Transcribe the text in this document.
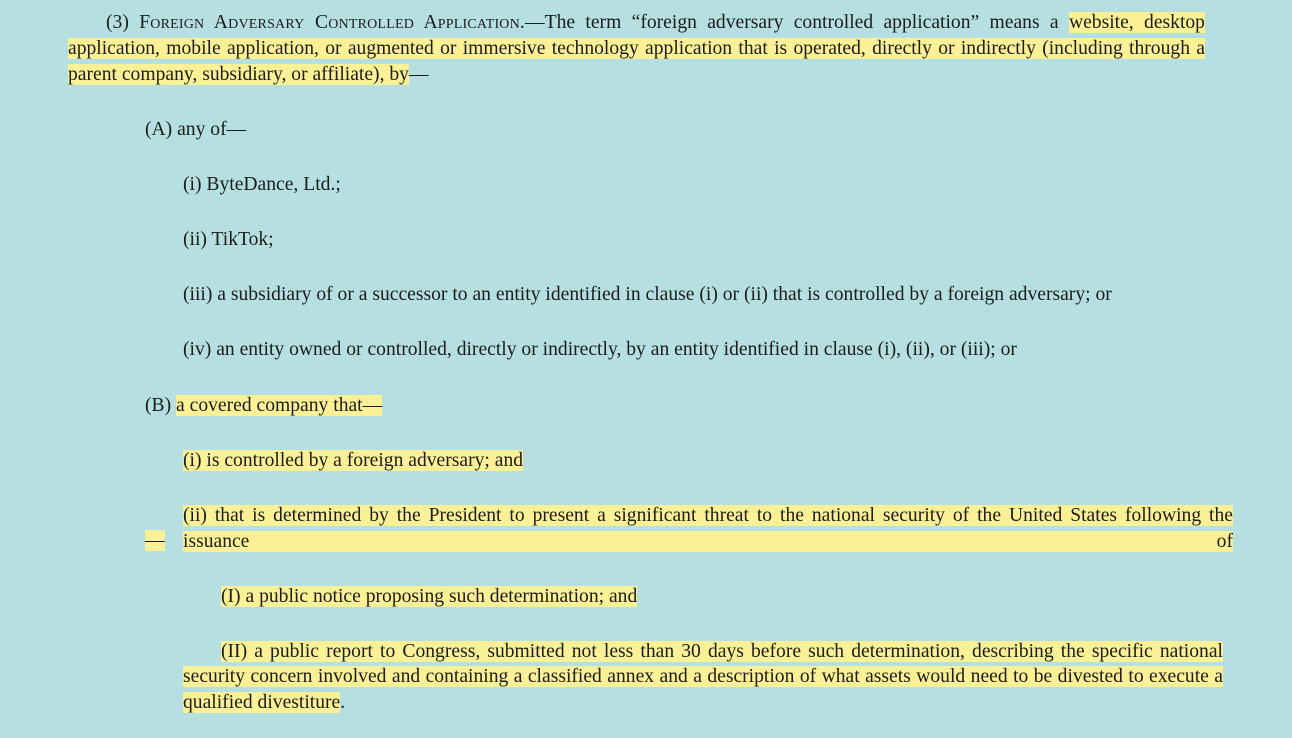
(3) Foreign Adversary Controlled Application.—The term “foreign adversary controlled application” means a website, desktop application, mobile application, or augmented or immersive technology application that is operated, directly or indirectly (including through a parent company, subsidiary, or affiliate), by—

(A) any of—

(i) ByteDance, Ltd.;

(ii) TikTok;

(iii) a subsidiary of or a successor to an entity identified in clause (i) or (ii) that is controlled by a foreign adversary; or

(iv) an entity owned or controlled, directly or indirectly, by an entity identified in clause (i), (ii), or (iii); or

(B) a covered company that—

(i) is controlled by a foreign adversary; and

(ii) that is determined by the President to present a significant threat to the national security of the United States following the issuance of

—

(I) a public notice proposing such determination; and

(II) a public report to Congress, submitted not less than 30 days before such determination, describing the specific national security concern involved and containing a classified annex and a description of what assets would need to be divested to execute a qualified divestiture.
